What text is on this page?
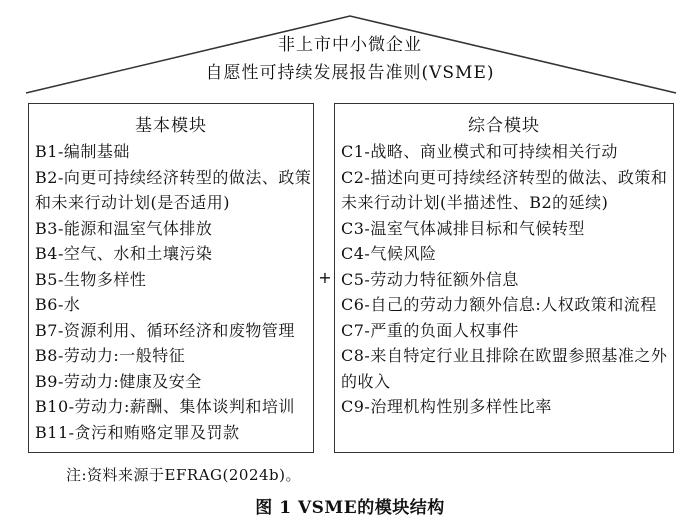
非上市中小微企业
自愿性可持续发展报告准则(VSME)
基本模块
B1-编制基础
B2-向更可持续经济转型的做法、政策和未来行动计划(是否适用)
B3-能源和温室气体排放
B4-空气、水和土壤污染
B5-生物多样性
B6-水
B7-资源利用、循环经济和废物管理
B8-劳动力:一般特征
B9-劳动力:健康及安全
B10-劳动力:薪酬、集体谈判和培训
B11-贪污和贿赂定罪及罚款
+
综合模块
C1-战略、商业模式和可持续相关行动
C2-描述向更可持续经济转型的做法、政策和未来行动计划(半描述性、B2的延续)
C3-温室气体减排目标和气候转型
C4-气候风险
C5-劳动力特征额外信息
C6-自己的劳动力额外信息:人权政策和流程
C7-严重的负面人权事件
C8-来自特定行业且排除在欧盟参照基准之外的收入
C9-治理机构性别多样性比率
注:资料来源于EFRAG(2024b)。
图 1 VSME的模块结构
